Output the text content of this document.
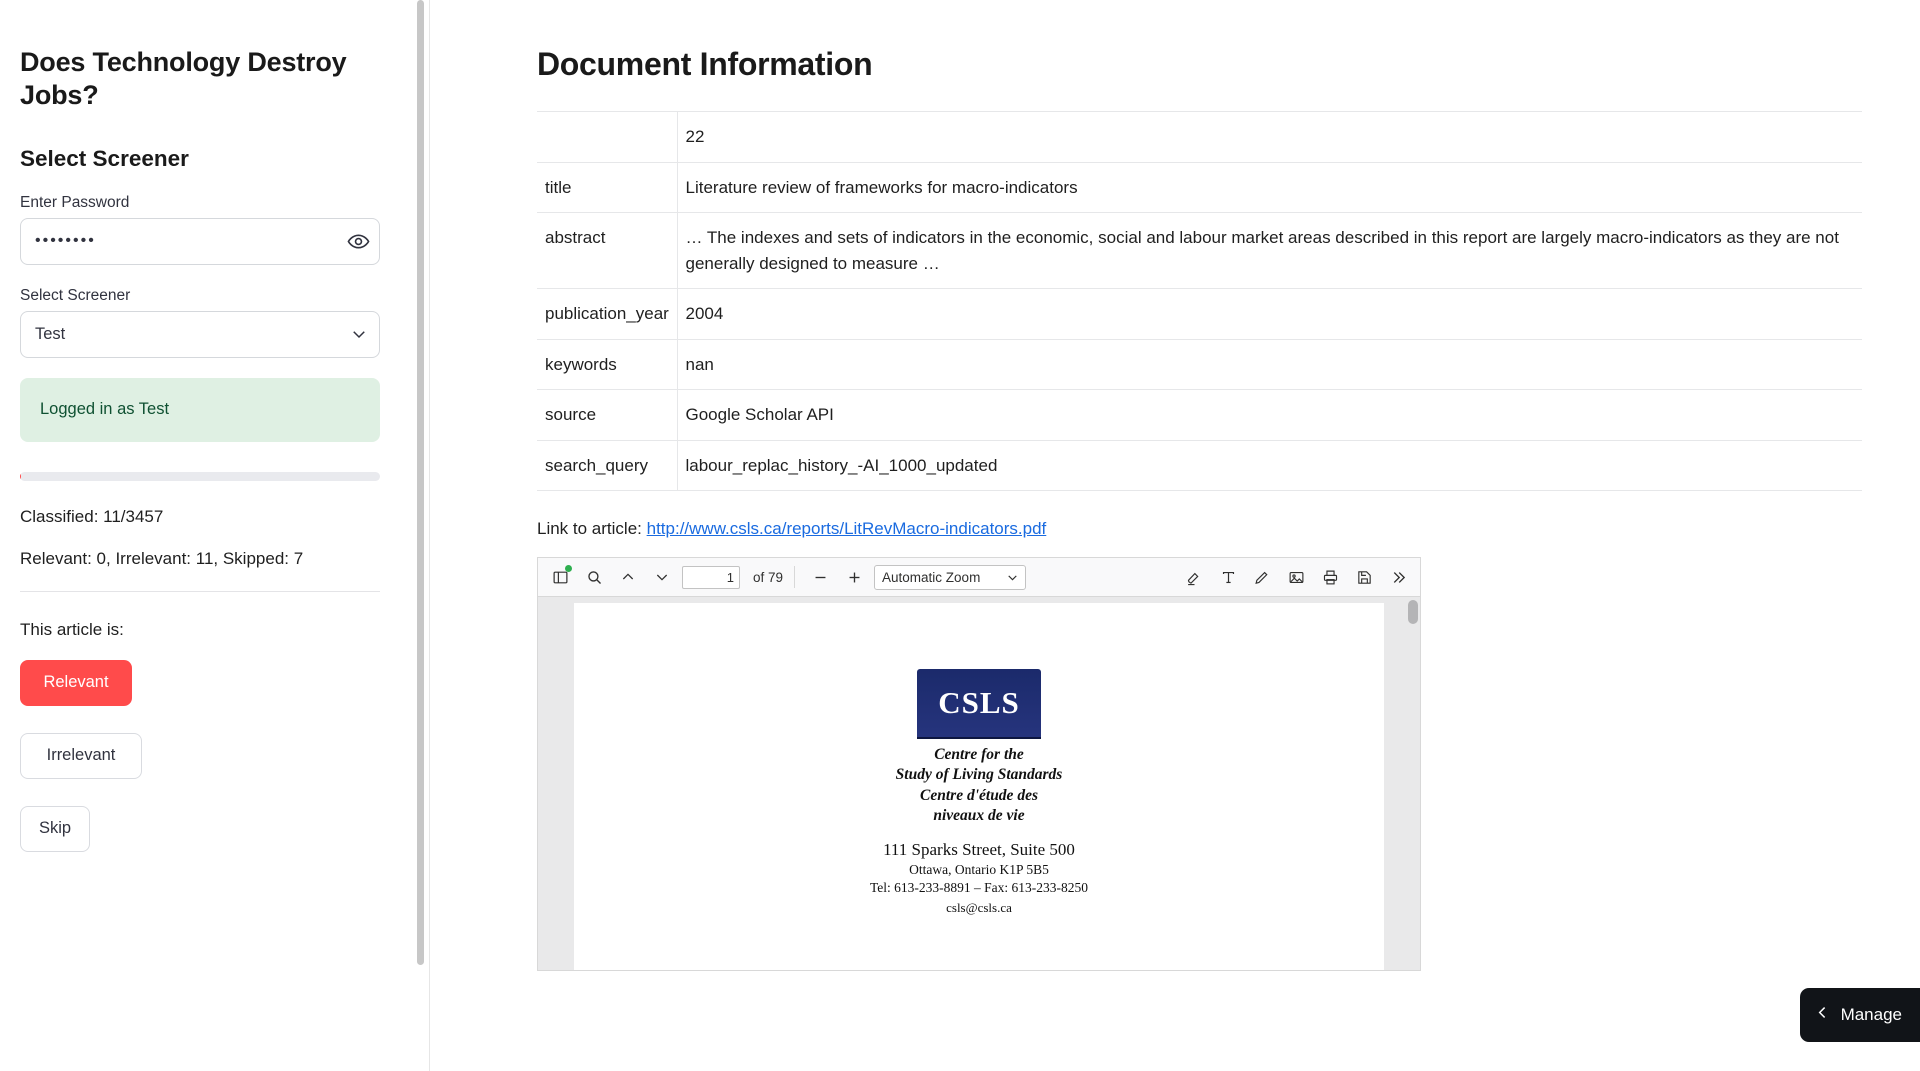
Does Technology Destroy Jobs?
Select Screener
Enter Password
••••••••
Select Screener
Test
Logged in as Test
Classified: 11/3457
Relevant: 0, Irrelevant: 11, Skipped: 7
This article is:
Relevant
Irrelevant
Skip
Document Information
	22
title	Literature review of frameworks for macro-indicators
abstract	… The indexes and sets of indicators in the economic, social and labour market areas described in this report are largely macro-indicators as they are not generally designed to measure …
publication_year	2004
keywords	nan
source	Google Scholar API
search_query	labour_replac_history_-AI_1000_updated
Link to article: http://www.csls.ca/reports/LitRevMacro-indicators.pdf
1
of 79	Automatic Zoom
CSLS
Centre for the
Study of Living Standards
Centre d'étude des
niveaux de vie
111 Sparks Street, Suite 500
Ottawa, Ontario K1P 5B5
Tel: 613-233-8891 – Fax: 613-233-8250
csls@csls.ca
Manage
